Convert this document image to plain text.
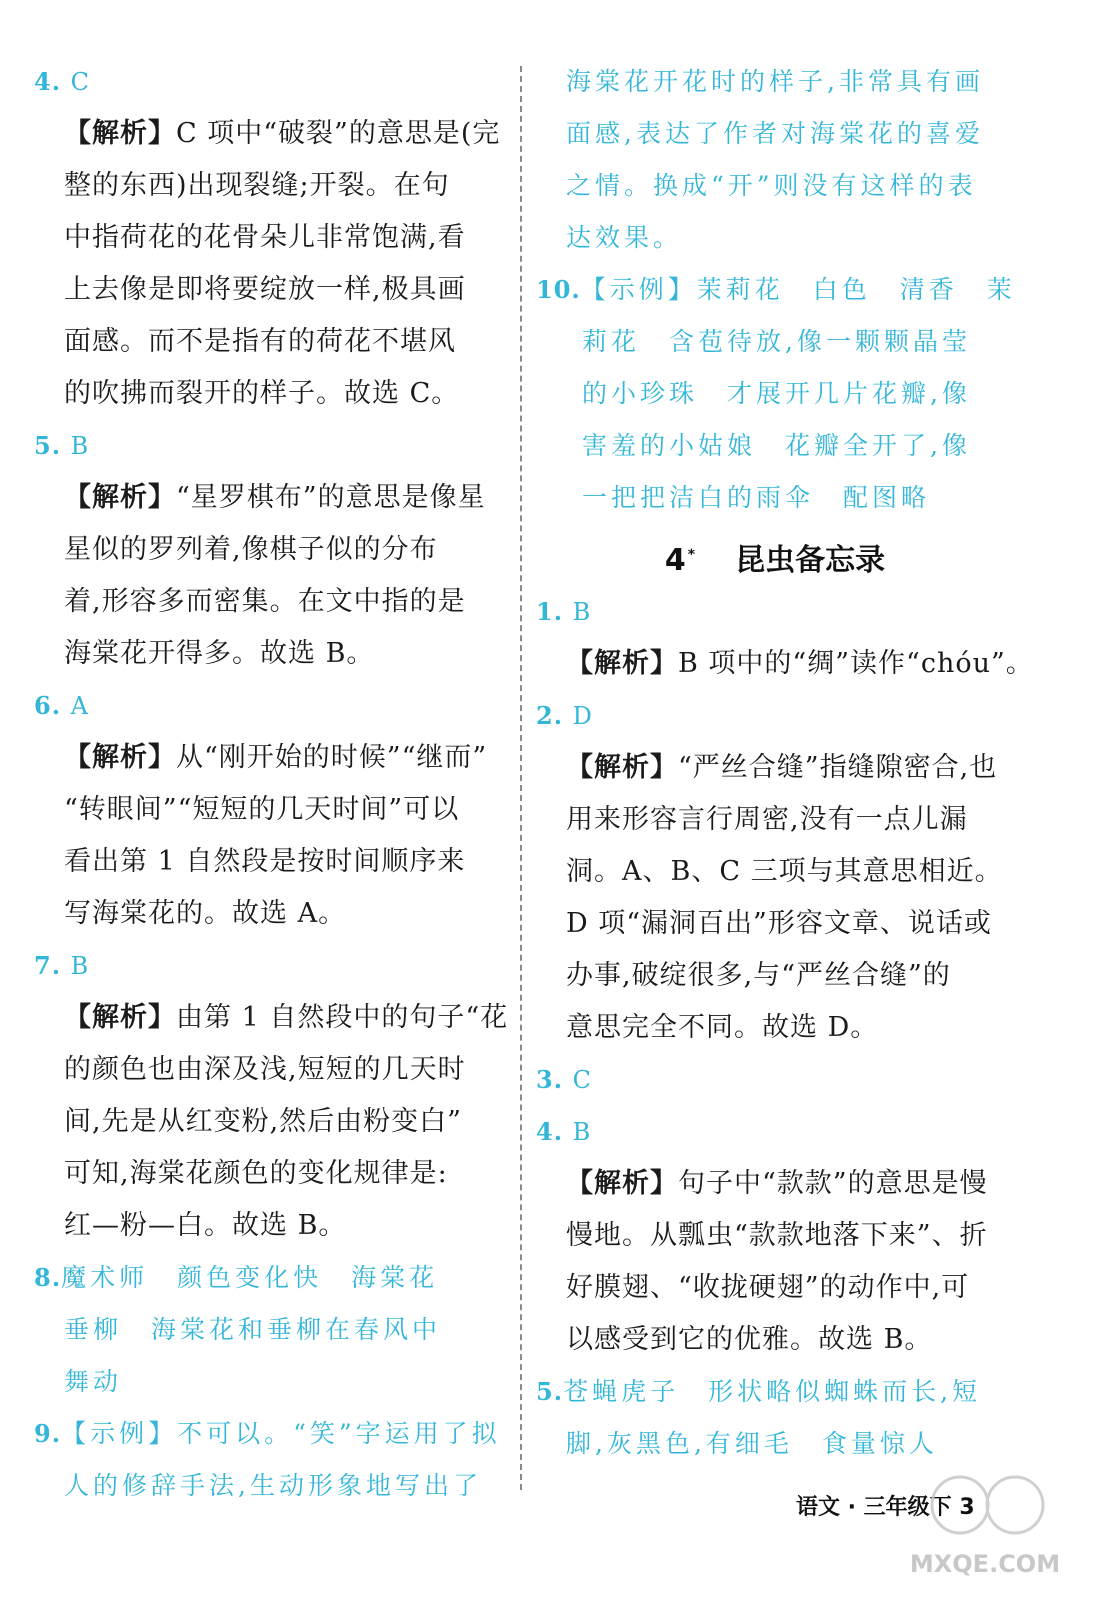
4. C
【解析】C 项中“破裂”的意思是(完
整的东西)出现裂缝;开裂。在句
中指荷花的花骨朵儿非常饱满,看
上去像是即将要绽放一样,极具画
面感。而不是指有的荷花不堪风
的吹拂而裂开的样子。故选 C。
5. B
【解析】“星罗棋布”的意思是像星
星似的罗列着,像棋子似的分布
着,形容多而密集。在文中指的是
海棠花开得多。故选 B。
6. A
【解析】从“刚开始的时候”“继而”
“转眼间”“短短的几天时间”可以
看出第 1 自然段是按时间顺序来
写海棠花的。故选 A。
7. B
【解析】由第 1 自然段中的句子“花
的颜色也由深及浅,短短的几天时
间,先是从红变粉,然后由粉变白”
可知,海棠花颜色的变化规律是:
红—粉—白。故选 B。
8.魔术师　颜色变化快　海棠花
垂柳　海棠花和垂柳在春风中
舞动
9.【示例】不可以。“笑”字运用了拟
人的修辞手法,生动形象地写出了
海棠花开花时的样子,非常具有画
面感,表达了作者对海棠花的喜爱
之情。换成“开”则没有这样的表
达效果。
10.【示例】茉莉花　白色　清香　茉
莉花　含苞待放,像一颗颗晶莹
的小珍珠　才展开几片花瓣,像
害羞的小姑娘　花瓣全开了,像
一把把洁白的雨伞　配图略
4 * 昆虫备忘录
1. B
【解析】B 项中的“绸”读作“chóu”。
2. D
【解析】“严丝合缝”指缝隙密合,也
用来形容言行周密,没有一点儿漏
洞。A、B、C 三项与其意思相近。
D 项“漏洞百出”形容文章、说话或
办事,破绽很多,与“严丝合缝”的
意思完全不同。故选 D。
3. C
4. B
【解析】句子中“款款”的意思是慢
慢地。从瓢虫“款款地落下来”、折
好膜翅、“收拢硬翅”的动作中,可
以感受到它的优雅。故选 B。
5.苍蝇虎子　形状略似蜘蛛而长,短
脚,灰黑色,有细毛　食量惊人
语文 · 三年级下 3
MXQE.COM
